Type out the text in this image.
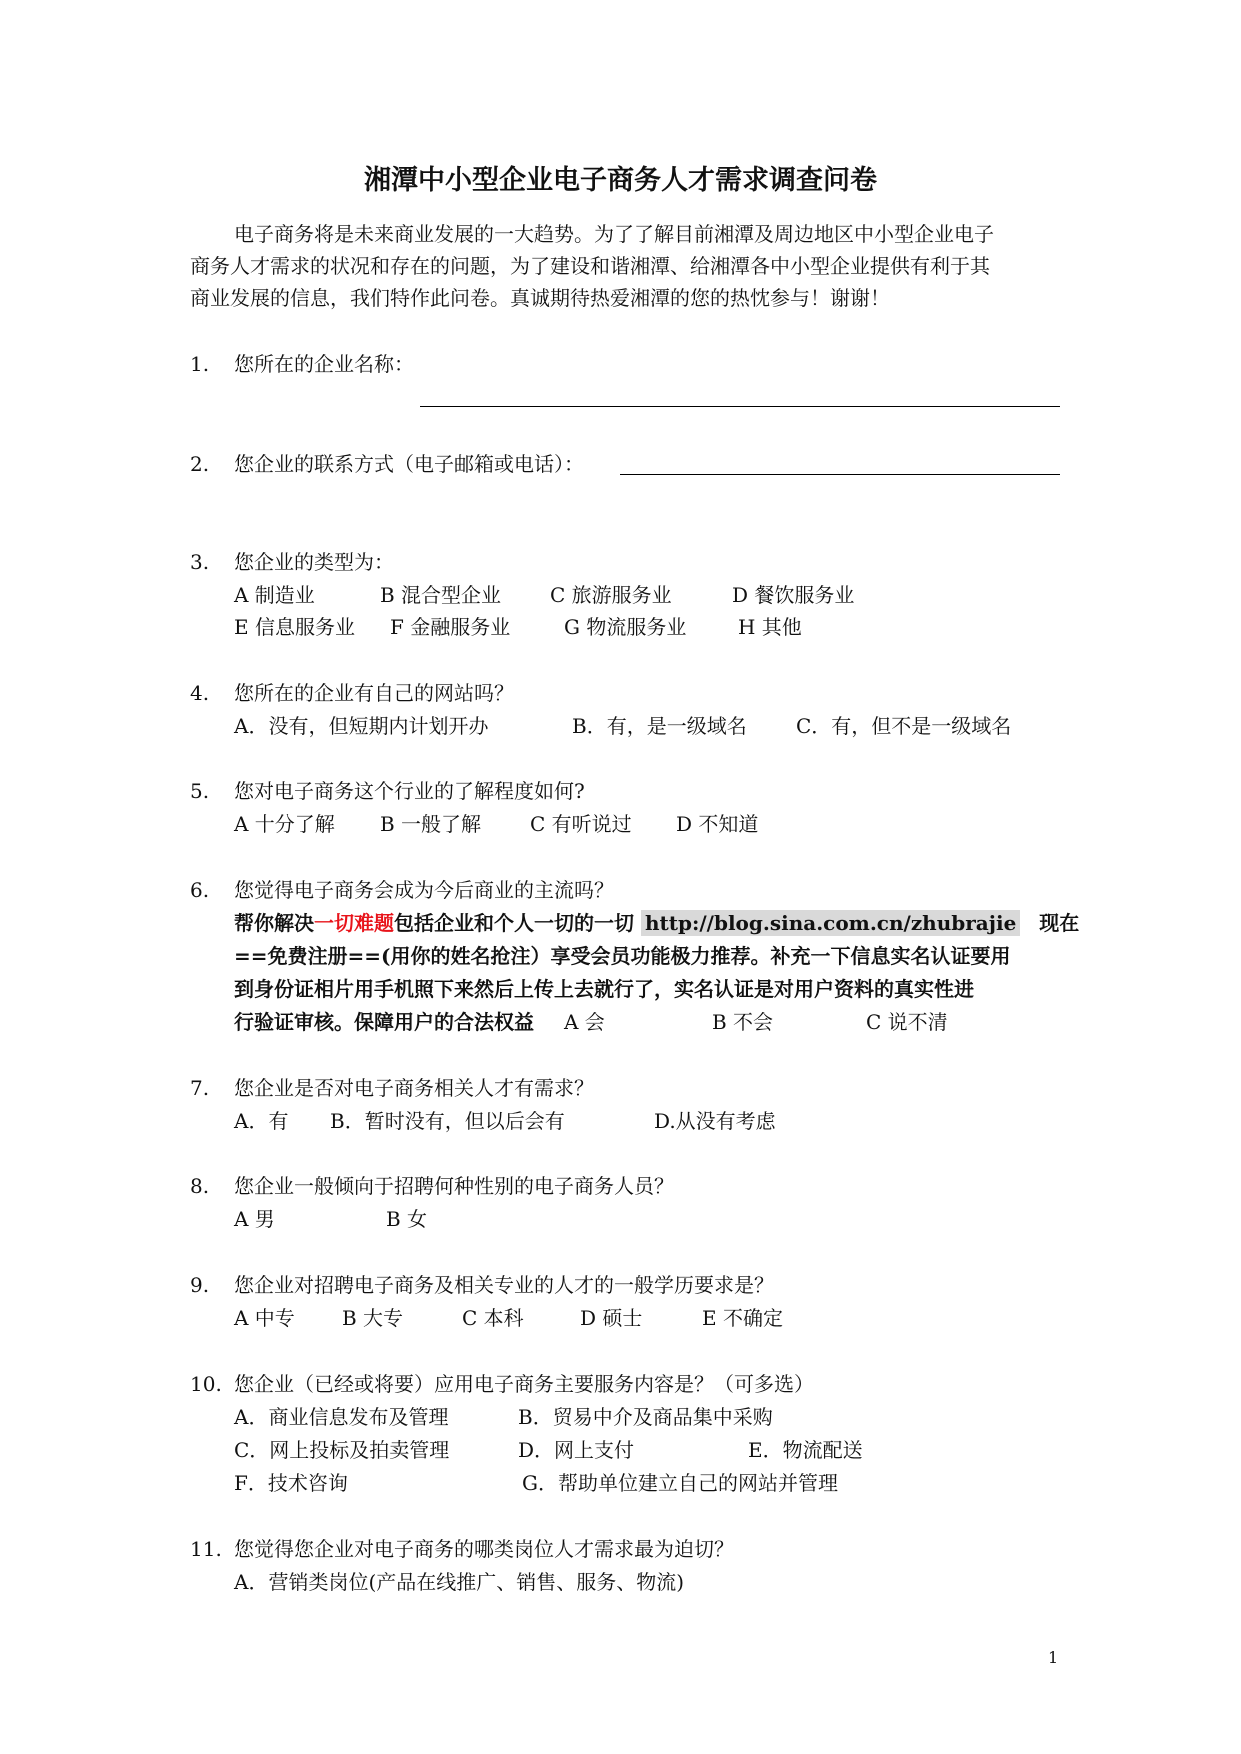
湘潭中小型企业电子商务人才需求调查问卷
电子商务将是未来商业发展的一大趋势。为了了解目前湘潭及周边地区中小型企业电子
商务人才需求的状况和存在的问题，为了建设和谐湘潭、给湘潭各中小型企业提供有利于其
商业发展的信息，我们特作此问卷。真诚期待热爱湘潭的您的热忱参与！谢谢！
1. 您所在的企业名称：
2. 您企业的联系方式（电子邮箱或电话）：
3. 您企业的类型为：
A 制造业	B 混合型企业 C 旅游服务业	D 餐饮服务业
E 信息服务业 F 金融服务业	G 物流服务业	H 其他
4. 您所在的企业有自己的网站吗？
A．没有，但短期内计划开办	B．有，是一级域名 C．有，但不是一级域名
5. 您对电子商务这个行业的了解程度如何?
A 十分了解 B 一般了解 C 有听说过 D 不知道
6. 您觉得电子商务会成为今后商业的主流吗？
帮你解决一切难题包括企业和个人一切的一切 http://blog.sina.com.cn/zhubrajie 现在
==免费注册==(用你的姓名抢注）享受会员功能极力推荐。补充一下信息实名认证要用
到身份证相片用手机照下来然后上传上去就行了，实名认证是对用户资料的真实性进
行验证审核。保障用户的合法权益 A 会	B 不会	C 说不清
7. 您企业是否对电子商务相关人才有需求？
A．有 B．暂时没有，但以后会有	D.从没有考虑
8. 您企业一般倾向于招聘何种性别的电子商务人员？
A 男	B 女
9. 您企业对招聘电子商务及相关专业的人才的一般学历要求是？
A 中专 B 大专	C 本科	D 硕士	E 不确定
10. 您企业（已经或将要）应用电子商务主要服务内容是？（可多选）
A．商业信息发布及管理	B．贸易中介及商品集中采购
C．网上投标及拍卖管理	D．网上支付	E．物流配送
F．技术咨询	G．帮助单位建立自己的网站并管理
11. 您觉得您企业对电子商务的哪类岗位人才需求最为迫切？
A．营销类岗位(产品在线推广、销售、服务、物流)
1
